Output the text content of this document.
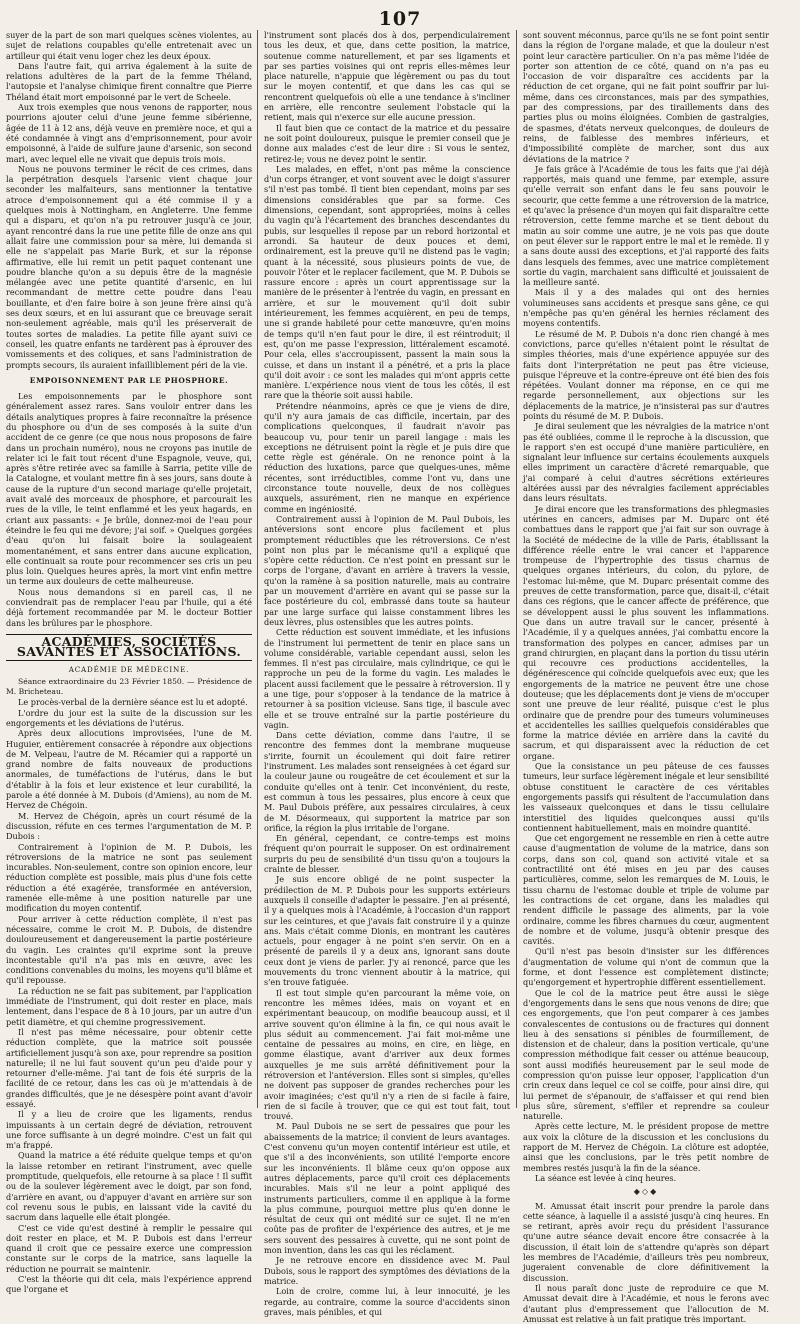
107

suyer de la part de son mari quelques scènes violentes, au sujet de relations coupables qu'elle entretenait avec un artilleur qui était venu loger chez les deux époux.

Dans l'autre fait, qui arriva également à la suite de relations adultères de la part de la femme Théland, l'autopsie et l'analyse chimique firent connaître que Pierre Théland était mort empoisonné par le vert de Scheele.

Aux trois exemples que nous venons de rapporter, nous pourrions ajouter celui d'une jeune femme sibérienne, âgée de 11 à 12 ans, déjà veuve en première noce, et qui a été condamnée à vingt ans d'emprisonnement, pour avoir empoisonné, à l'aide de sulfure jaune d'arsenic, son second mari, avec lequel elle ne vivait que depuis trois mois.

Nous ne pouvons terminer le récit de ces crimes, dans la perpétration desquels l'arsenic vient chaque jour seconder les malfaiteurs, sans mentionner la tentative atroce d'empoisonnement qui a été commise il y a quelques mois à Nottingham, en Angleterre. Une femme qui a disparu, et qu'on n'a pu retrouver jusqu'à ce jour, ayant rencontré dans la rue une petite fille de onze ans qui allait faire une commission pour sa mère, lui demanda si elle ne s'appelait pas Marie Burk, et sur la réponse affirmative, elle lui remit un petit paquet contenant une poudre blanche qu'on a su depuis être de la magnésie mélangée avec une petite quantité d'arsenic, en lui recommandant de mettre cette poudre dans l'eau bouillante, et d'en faire boire à son jeune frère ainsi qu'à ses deux sœurs, et en lui assurant que ce breuvage serait non-seulement agréable, mais qu'il les préserverait de toutes sortes de maladies. La petite fille ayant suivi ce conseil, les quatre enfants ne tardèrent pas à éprouver des vomissements et des coliques, et sans l'administration de prompts secours, ils auraient infailliblement péri de la vie.

EMPOISONNEMENT PAR LE PHOSPHORE.

Les empoisonnements par le phosphore sont généralement assez rares. Sans vouloir entrer dans les détails analytiques propres à faire reconnaître la présence du phosphore ou d'un de ses composés à la suite d'un accident de ce genre (ce que nous nous proposons de faire dans un prochain numéro), nous ne croyons pas inutile de relater ici le fait tout récent d'une Espagnole, veuve, qui, après s'être retirée avec sa famille à Sarria, petite ville de la Catalogne, et voulant mettre fin à ses jours, sans doute à cause de la rupture d'un second mariage qu'elle projetait, avait avalé des morceaux de phosphore, et parcourait les rues de la ville, le teint enflammé et les yeux hagards, en criant aux passants: « Je brûle, donnez-moi de l'eau pour éteindre le feu qui me dévore; j'ai soif. » Quelques gorgées d'eau qu'on lui faisait boire la soulageaient momentanément, et sans entrer dans aucune explication, elle continuait sa route pour recommencer ses cris un peu plus loin. Quelques heures après, la mort vint enfin mettre un terme aux douleurs de cette malheureuse.

Nous nous demandons si en pareil cas, il ne conviendrait pas de remplacer l'eau par l'huile, qui a été déjà fortement recommandée par M. le docteur Bottier dans les brûlures par le phosphore.

ACADÉMIES, SOCIÉTÉS SAVANTES ET ASSOCIATIONS.
ACADÉMIE DE MÉDECINE.

Séance extraordinaire du 23 Février 1850. — Présidence de M. Bricheteau.

Le procès-verbal de la dernière séance est lu et adopté.

L'ordre du jour est la suite de la discussion sur les engorgements et les déviations de l'utérus.

Après deux allocutions improvisées, l'une de M. Huguier, entièrement consacrée à répondre aux objections de M. Velpeau, l'autre de M. Récamier qui a rapporté un grand nombre de faits nouveaux de productions anormales, de tuméfactions de l'utérus, dans le but d'établir à la fois et leur existence et leur curabilité, la parole a été donnée à M. Dubois (d'Amiens), au nom de M. Hervez de Chégoin.

M. Hervez de Chégoin, après un court résumé de la discussion, réfute en ces termes l'argumentation de M. P. Dubois :

Contrairement à l'opinion de M. P. Dubois, les rétroversions de la matrice ne sont pas seulement incurables. Non-seulement, contre son opinion encore, leur réduction complète est possible, mais plus d'une fois cette réduction a été exagérée, transformée en antéversion, ramenée elle-même à une position naturelle par une modification du moyen contentif.

Pour arriver à cette réduction complète, il n'est pas nécessaire, comme le croit M. P. Dubois, de distendre douloureusement et dangereusement la partie postérieure du vagin. Les craintes qu'il exprime sont la preuve incontestable qu'il n'a pas mis en œuvre, avec les conditions convenables du moins, les moyens qu'il blâme et qu'il repousse.

La réduction ne se fait pas subitement, par l'application immédiate de l'instrument, qui doit rester en place, mais lentement, dans l'espace de 8 à 10 jours, par un autre d'un petit diamètre, et qui chemine progressivement.

Il n'est pas même nécessaire, pour obtenir cette réduction complète, que la matrice soit poussée artificiellement jusqu'à son axe, pour reprendre sa position naturelle; il ne lui faut souvent qu'un peu d'aide pour y retourner d'elle-même. J'ai tant de fois été surpris de la facilité de ce retour, dans les cas où je m'attendais à de grandes difficultés, que je ne désespère point avant d'avoir essayé.

Il y a lieu de croire que les ligaments, rendus impuissants à un certain degré de déviation, retrouvent une force suffisante à un degré moindre. C'est un fait qui m'a frappé.

Quand la matrice a été réduite quelque temps et qu'on la laisse retomber en retirant l'instrument, avec quelle promptitude, quelquefois, elle retourne à sa place ! Il suffit ou de la soulever légèrement avec le doigt, par son fond, d'arrière en avant, ou d'appuyer d'avant en arrière sur son col revenu sous le pubis, en laissant vide la cavité du sacrum dans laquelle elle était plongée.

C'est ce vide qu'est destiné à remplir le pessaire qui doit rester en place, et M. P. Dubois est dans l'erreur quand il croit que ce pessaire exerce une compression constante sur le corps de la matrice, sans laquelle la réduction ne pourrait se maintenir.

C'est la théorie qui dit cela, mais l'expérience apprend que l'organe et

l'instrument sont placés dos à dos, perpendiculairement tous les deux, et que, dans cette position, la matrice, soutenue comme naturellement, et par ses ligaments et par ses parties voisines qui ont repris elles-mêmes leur place naturelle, n'appuie que légèrement ou pas du tout sur le moyen contentif, et que dans les cas qui se rencontrent quelquefois où elle a une tendance à s'incliner en arrière, elle rencontre seulement l'obstacle qui la retient, mais qui n'exerce sur elle aucune pression.

Il faut bien que ce contact de la matrice et du pessaire ne soit point douloureux, puisque le premier conseil que je donne aux malades c'est de leur dire : Si vous le sentez, retirez-le; vous ne devez point le sentir.

Les malades, en effet, n'ont pas même la conscience d'un corps étranger, et vont souvent avec le doigt s'assurer s'il n'est pas tombé. Il tient bien cependant, moins par ses dimensions considérables que par sa forme. Ces dimensions, cependant, sont appropriées, moins à celles du vagin qu'à l'écartement des branches descendantes du pubis, sur lesquelles il repose par un rebord horizontal et arrondi. Sa hauteur de deux pouces et demi, ordinairement, est la preuve qu'il ne distend pas le vagin; quant à la nécessité, sous plusieurs points de vue, de pouvoir l'ôter et le replacer facilement, que M. P. Dubois se rassure encore : après un court apprentissage sur la manière de le présenter à l'entrée du vagin, en pressant en arrière, et sur le mouvement qu'il doit subir intérieurement, les femmes acquièrent, en peu de temps, une si grande habileté pour cette manœuvre, qu'en moins de temps qu'il n'en faut pour le dire, il est réintroduit; il est, qu'on me passe l'expression, littéralement escamoté. Pour cela, elles s'accroupissent, passent la main sous la cuisse, et dans un instant il a pénétré, et a pris la place qu'il doit avoir : ce sont les malades qui m'ont appris cette manière. L'expérience nous vient de tous les côtés, il est rare que la théorie soit aussi habile.

Prétendre néanmoins, après ce que je viens de dire, qu'il n'y aura jamais de cas difficile, incertain, par des complications quelconques, il faudrait n'avoir pas beaucoup vu, pour tenir un pareil langage : mais les exceptions ne détruisent point la règle et je puis dire que cette règle est générale. On ne renonce point à la réduction des luxations, parce que quelques-unes, même récentes, sont irréductibles, comme l'ont vu, dans une circonstance toute nouvelle, deux de nos collègues auxquels, assurément, rien ne manque en expérience comme en ingéniosité.

Contrairement aussi à l'opinion de M. Paul Dubois, les antéversions sont encore plus facilement et plus promptement réductibles que les rétroversions. Ce n'est point non plus par le mécanisme qu'il a expliqué que s'opère cette réduction. Ce n'est point en pressant sur le corps de l'organe, d'avant en arrière à travers la vessie, qu'on la ramène à sa position naturelle, mais au contraire par un mouvement d'arrière en avant qui se passe sur la face postérieure du col, embrassé dans toute sa hauteur par une large surface qui laisse constamment libres les deux lèvres, plus ostensibles que les autres points.

Cette réduction est souvent immédiate, et les infusions de l'instrument lui permettent de tenir en place sans un volume considérable, variable cependant aussi, selon les femmes. Il n'est pas circulaire, mais cylindrique, ce qui le rapproche un peu de la forme du vagin. Les malades le placent aussi facilement que le pessaire à rétroversion. Il y a une tige, pour s'opposer à la tendance de la matrice à retourner à sa position vicieuse. Sans tige, il bascule avec elle et se trouve entraîné sur la partie postérieure du vagin.

Dans cette déviation, comme dans l'autre, il se rencontre des femmes dont la membrane muqueuse s'irrite, fournit un écoulement qui doit faire retirer l'instrument. Les malades sont renseignées à cet égard sur la couleur jaune ou rougeâtre de cet écoulement et sur la conduite qu'elles ont à tenir. Cet inconvénient, du reste, est commun à tous les pessaires, plus encore à ceux que M. Paul Dubois préfère, aux pessaires circulaires, à ceux de M. Désormeaux, qui supportent la matrice par son orifice, la région la plus irritable de l'organe.

En général, cependant, ce contre-temps est moins fréquent qu'on pourrait le supposer. On est ordinairement surpris du peu de sensibilité d'un tissu qu'on a toujours la crainte de blesser.

Je suis encore obligé de ne point suspecter la prédilection de M. P. Dubois pour les supports extérieurs auxquels il conseille d'adapter le pessaire. J'en ai présenté, il y a quelques mois à l'Académie, à l'occasion d'un rapport sur les ceintures, et que j'avais fait construire il y a quinze ans. Mais c'était comme Dionis, en montrant les cautères actuels, pour engager à ne point s'en servir. On en a présenté de pareils il y a deux ans, ignorant sans doute ceux dont je viens de parler. J'y ai renoncé, parce que les mouvements du tronc viennent aboutir à la matrice, qui s'en trouve fatiguée.

Il est tout simple qu'en parcourant la même voie, on rencontre les mêmes idées, mais on voyant et en expérimentant beaucoup, on modifie beaucoup aussi, et il arrive souvent qu'on élimine à la fin, ce qui nous avait le plus séduit au commencement. J'ai fait moi-même une centaine de pessaires au moins, en cire, en liège, en gomme élastique, avant d'arriver aux deux formes auxquelles je me suis arrêté définitivement pour la rétroversion et l'antéversion. Elles sont si simples, qu'elles ne doivent pas supposer de grandes recherches pour les avoir imaginées; c'est qu'il n'y a rien de si facile à faire, rien de si facile à trouver, que ce qui est tout fait, tout trouvé.

M. Paul Dubois ne se sert de pessaires que pour les abaissements de la matrice; il convient de leurs avantages. C'est convenu qu'un moyen contentif intérieur est utile, et que s'il a des inconvénients, son utilité l'emporte encore sur les inconvénients. Il blâme ceux qu'on oppose aux autres déplacements, parce qu'il croit ces déplacements incurables. Mais s'il ne leur a point appliqué des instruments particuliers, comme il en applique à la forme la plus commune, pourquoi mettre plus qu'en donne le résultat de ceux qui ont médité sur ce sujet. Il ne m'en coûte pas de profiter de l'expérience des autres, et je me sers souvent des pessaires à cuvette, qui ne sont point de mon invention, dans les cas qui les réclament.

Je ne retrouve encore en dissidence avec M. Paul Dubois, sous le rapport des symptômes des déviations de la matrice.

Loin de croire, comme lui, à leur innocuité, je les regarde, au contraire, comme la source d'accidents sinon graves, mais pénibles, et qui

sont souvent méconnus, parce qu'ils ne se font point sentir dans la région de l'organe malade, et que la douleur n'est point leur caractère particulier. On n'a pas même l'idée de porter son attention de ce côté, quand on n'a pas eu l'occasion de voir disparaître ces accidents par la réduction de cet organe, qui ne fait point souffrir par lui-même, dans ces circonstances, mais par des sympathies, par des compressions, par des tiraillements dans des parties plus ou moins éloignées. Combien de gastralgies, de spasmes, d'états nerveux quelconques, de douleurs de reins, de faiblesse des membres inférieurs, et d'impossibilité complète de marcher, sont dus aux déviations de la matrice ?

Je fais grâce à l'Académie de tous les faits que j'ai déjà rapportés, mais quand une femme, par exemple, assure qu'elle verrait son enfant dans le feu sans pouvoir le secourir, que cette femme a une rétroversion de la matrice, et qu'avec la présence d'un moyen qui fait disparaître cette rétroversion, cette femme marche et se tient debout du matin au soir comme une autre, je ne vois pas que doute on peut élever sur le rapport entre le mal et le remède. Il y a sans doute aussi des exceptions, et j'ai rapporté des faits dans lesquels des femmes, avec une matrice complètement sortie du vagin, marchaient sans difficulté et jouissaient de la meilleure santé.

Mais il y a des malades qui ont des hernies volumineuses sans accidents et presque sans gêne, ce qui n'empêche pas qu'en général les hernies réclament des moyens contentifs.

Le résumé de M. P. Dubois n'a donc rien changé à mes convictions, parce qu'elles n'étaient point le résultat de simples théories, mais d'une expérience appuyée sur des faits dont l'interprétation ne peut pas être vicieuse, puisque l'épreuve et la contre-épreuve ont été bien des fois répétées. Voulant donner ma réponse, en ce qui me regarde personnellement, aux objections sur les déplacements de la matrice, je n'insisterai pas sur d'autres points du résumé de M. P. Dubois.

Je dirai seulement que les névralgies de la matrice n'ont pas été oubliées, comme il le reproche à la discussion, que le rapport s'en est occupé d'une manière particulière, en signalant leur influence sur certains écoulements auxquels elles impriment un caractère d'âcreté remarquable, que j'ai comparé à celui d'autres sécrétions extérieures altérées aussi par des névralgies facilement appréciables dans leurs résultats.

Je dirai encore que les transformations des phlegmasies utérines en cancers, admises par M. Duparc ont été combattues dans le rapport que j'ai fait sur son ouvrage à la Société de médecine de la ville de Paris, établissant la différence réelle entre le vrai cancer et l'apparence trompeuse de l'hypertrophie des tissus charnus de quelques organes intérieurs, du colon, du pylore, de l'estomac lui-même, que M. Duparc présentait comme des preuves de cette transformation, parce que, disait-il, c'était dans ces régions, que le cancer affecte de préférence, que se développent aussi le plus souvent les inflammations. Que dans un autre travail sur le cancer, présenté à l'Académie, il y a quelques années, j'ai combattu encore la transformation des polypes en cancer, admises par un grand chirurgien, en plaçant dans la portion du tissu utérin qui recouvre ces productions accidentelles, la dégénérescence qui coïncide quelquefois avec eux; que les engorgements de la matrice ne peuvent être une chose douteuse; que les déplacements dont je viens de m'occuper sont une preuve de leur réalité, puisque c'est le plus ordinaire que de prendre pour des tumeurs volumineuses et accidentelles les saillies quelquefois considérables que forme la matrice déviée en arrière dans la cavité du sacrum, et qui disparaissent avec la réduction de cet organe.

Que la consistance un peu pâteuse de ces fausses tumeurs, leur surface légèrement inégale et leur sensibilité obtuse constituent le caractère de ces véritables engorgements passifs qui résultent de l'accumulation dans les vaisseaux quelconques et dans le tissu cellulaire interstitiel des liquides quelconques aussi qu'ils contiennent habituellement, mais en moindre quantité.

Que cet engorgement ne ressemble en rien à cette autre cause d'augmentation de volume de la matrice, dans son corps, dans son col, quand son activité vitale et sa contractilité ont été mises en jeu par des causes particulières, comme, selon les remarques de M. Louis, le tissu charnu de l'estomac double et triple de volume par les contractions de cet organe, dans les maladies qui rendent difficile le passage des aliments, par la voie ordinaire, comme les fibres charnues du cœur, augmentent de nombre et de volume, jusqu'à obtenir presque des cavités.

Qu'il n'est pas besoin d'insister sur les différences d'augmentation de volume qui n'ont de commun que la forme, et dont l'essence est complètement distincte; qu'engorgement et hypertrophie diffèrent essentiellement.

Que le col de la matrice peut être aussi le siège d'engorgements dans le sens que nous venons de dire; que ces engorgements, que l'on peut comparer à ces jambes convalescentes de contusions ou de fractures qui donnent lieu à des sensations si pénibles de fourmillement, de distension et de chaleur, dans la position verticale, qu'une compression méthodique fait cesser ou atténue beaucoup, sont aussi modifiés heureusement par le seul mode de compression qu'on puisse leur opposer, l'application d'un crin creux dans lequel ce col se coiffe, pour ainsi dire, qui lui permet de s'épanouir, de s'affaisser et qui rend bien plus sûre, sûrement, s'effiler et reprendre sa couleur naturelle.

Après cette lecture, M. le président propose de mettre aux voix la clôture de la discussion et les conclusions du rapport de M. Hervez de Chégoin. La clôture est adoptée, ainsi que les conclusions, par le très petit nombre de membres restés jusqu'à la fin de la séance.

La séance est levée à cinq heures.

◆◇◆

M. Amussat était inscrit pour prendre la parole dans cette séance, à laquelle il a assisté jusqu'à cinq heures. En se retirant, après avoir reçu du président l'assurance qu'une autre séance devait encore être consacrée à la discussion, il était loin de s'attendre qu'après son départ les membres de l'Académie, d'ailleurs très peu nombreux, jugeraient convenable de clore définitivement la discussion.

Il nous paraît donc juste de reproduire ce que M. Amussat devait dire à l'Académie, et nous le ferons avec d'autant plus d'empressement que l'allocution de M. Amussat est relative à un fait pratique très important.
